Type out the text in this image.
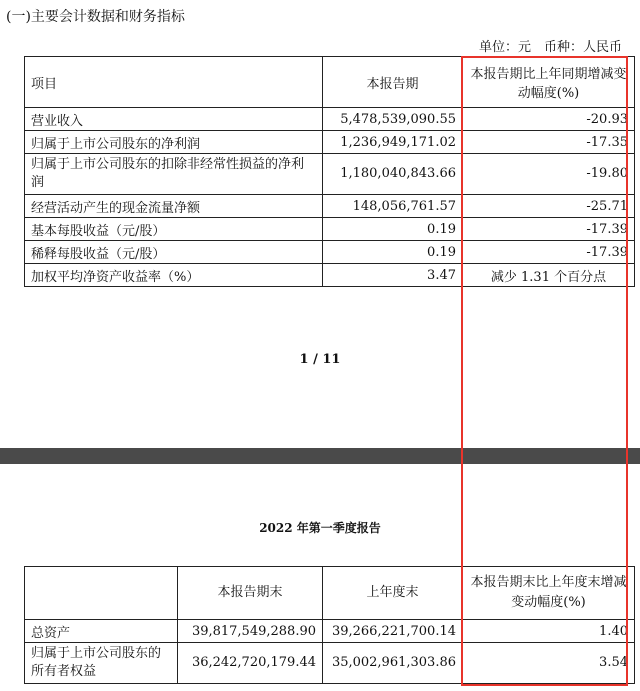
(一)主要会计数据和财务指标
单位：元　币种：人民币
项目	本报告期	本报告期比上年同期增减变动幅度(%)
营业收入	5,478,539,090.55	-20.93
归属于上市公司股东的净利润	1,236,949,171.02	-17.35
归属于上市公司股东的扣除非经常性损益的净利润	1,180,040,843.66	-19.80
经营活动产生的现金流量净额	148,056,761.57	-25.71
基本每股收益（元/股）	0.19	-17.39
稀释每股收益（元/股）	0.19	-17.39
加权平均净资产收益率（%）	3.47	减少 1.31 个百分点
1 / 11
2022 年第一季度报告
	本报告期末	上年度末	本报告期末比上年度末增减变动幅度(%)
总资产	39,817,549,288.90	39,266,221,700.14	1.40
归属于上市公司股东的所有者权益	36,242,720,179.44	35,002,961,303.86	3.54
